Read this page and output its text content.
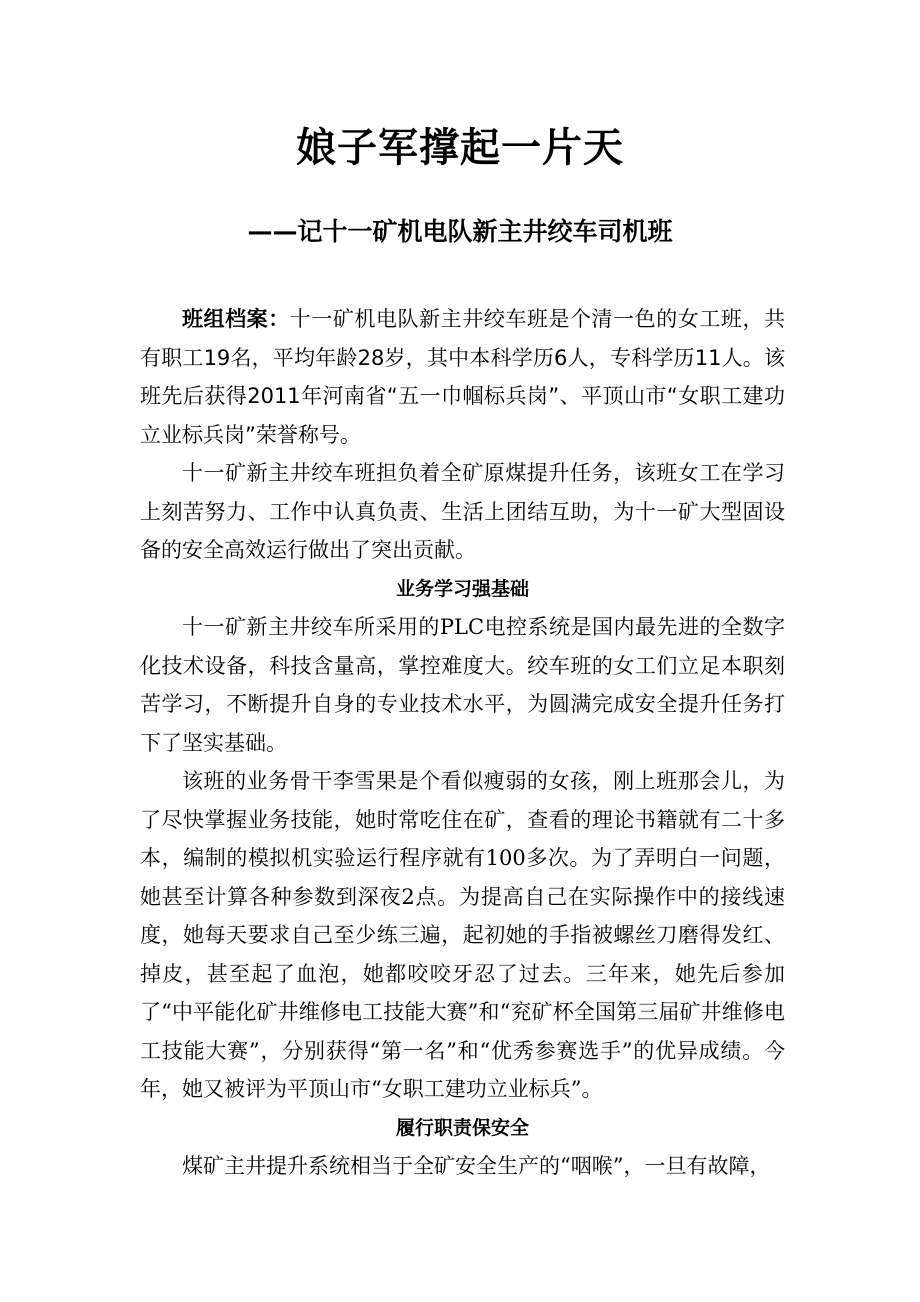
娘子军撑起一片天
——记十一矿机电队新主井绞车司机班

班组档案：十一矿机电队新主井绞车班是个清一色的女工班，共有职工19名，平均年龄28岁，其中本科学历6人，专科学历11人。该班先后获得2011年河南省“五一巾帼标兵岗”、平顶山市“女职工建功立业标兵岗”荣誉称号。

十一矿新主井绞车班担负着全矿原煤提升任务，该班女工在学习上刻苦努力、工作中认真负责、生活上团结互助，为十一矿大型固设备的安全高效运行做出了突出贡献。

业务学习强基础

十一矿新主井绞车所采用的PLC电控系统是国内最先进的全数字化技术设备，科技含量高，掌控难度大。绞车班的女工们立足本职刻苦学习，不断提升自身的专业技术水平，为圆满完成安全提升任务打下了坚实基础。

该班的业务骨干李雪果是个看似瘦弱的女孩，刚上班那会儿，为了尽快掌握业务技能，她时常吃住在矿，查看的理论书籍就有二十多本，编制的模拟机实验运行程序就有100多次。为了弄明白一问题，她甚至计算各种参数到深夜2点。为提高自己在实际操作中的接线速度，她每天要求自己至少练三遍，起初她的手指被螺丝刀磨得发红、掉皮，甚至起了血泡，她都咬咬牙忍了过去。三年来，她先后参加了“中平能化矿井维修电工技能大赛”和“兖矿杯全国第三届矿井维修电工技能大赛”，分别获得“第一名”和“优秀参赛选手”的优异成绩。今年，她又被评为平顶山市“女职工建功立业标兵”。

履行职责保安全

煤矿主井提升系统相当于全矿安全生产的“咽喉”，一旦有故障，
